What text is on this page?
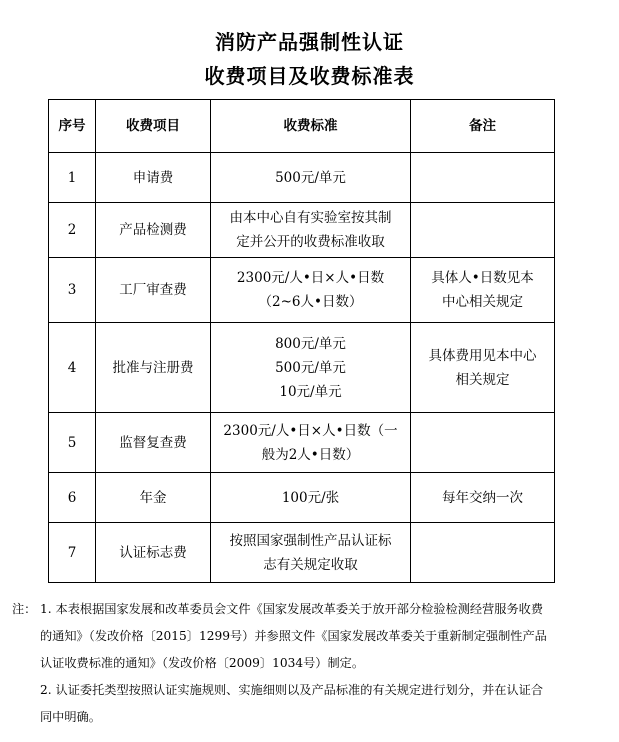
消防产品强制性认证
收费项目及收费标准表
序号	收费项目	收费标准	备注
1	申请费	500元/单元	

2	产品检测费	由本中心自有实验室按其制
定并公开的收费标准收取	

3	工厂审查费	2300元/人•日×人•日数
（2~6人•日数）	具体人•日数见本
中心相关规定

4	批准与注册费	800元/单元
500元/单元
10元/单元	具体费用见本中心
相关规定

5	监督复查费	2300元/人•日×人•日数（一
般为2人•日数）	

6	年金	100元/张	每年交纳一次

7	认证标志费	按照国家强制性产品认证标
志有关规定收取	

注： 1. 本表根据国家发展和改革委员会文件《国家发展改革委关于放开部分检验检测经营服务收费
的通知》（发改价格〔2015〕1299号）并参照文件《国家发展改革委关于重新制定强制性产品
认证收费标准的通知》（发改价格〔2009〕1034号）制定。
2. 认证委托类型按照认证实施规则、实施细则以及产品标准的有关规定进行划分，并在认证合
同中明确。
